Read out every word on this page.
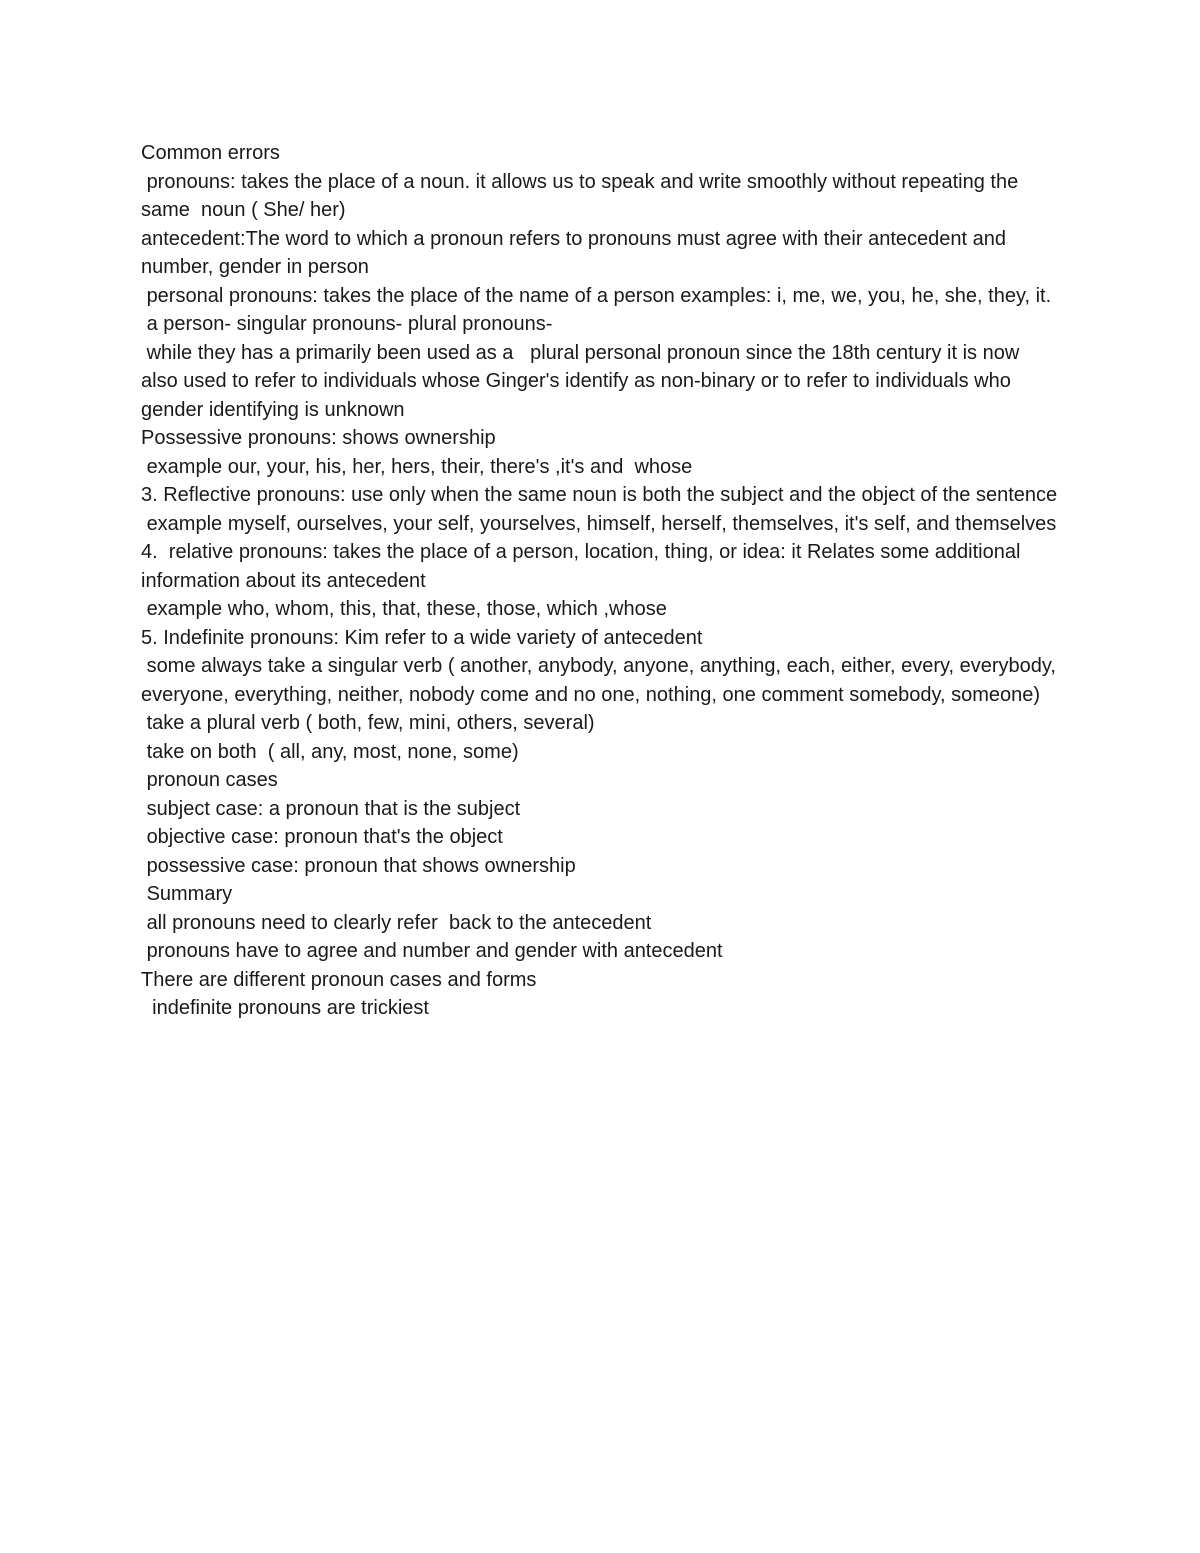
Common errors

pronouns: takes the place of a noun. it allows us to speak and write smoothly without repeating the same  noun ( She/ her)

antecedent:The word to which a pronoun refers to pronouns must agree with their antecedent and number, gender in person

personal pronouns: takes the place of the name of a person examples: i, me, we, you, he, she, they, it.

a person- singular pronouns- plural pronouns-

while they has a primarily been used as a   plural personal pronoun since the 18th century it is now also used to refer to individuals whose Ginger's identify as non-binary or to refer to individuals who gender identifying is unknown

Possessive pronouns: shows ownership

example our, your, his, her, hers, their, there's ,it's and  whose

3. Reflective pronouns: use only when the same noun is both the subject and the object of the sentence

example myself, ourselves, your self, yourselves, himself, herself, themselves, it's self, and themselves

4.  relative pronouns: takes the place of a person, location, thing, or idea: it Relates some additional information about its antecedent

example who, whom, this, that, these, those, which ,whose

5. Indefinite pronouns: Kim refer to a wide variety of antecedent

some always take a singular verb ( another, anybody, anyone, anything, each, either, every, everybody, everyone, everything, neither, nobody come and no one, nothing, one comment somebody, someone)

take a plural verb ( both, few, mini, others, several)

take on both  ( all, any, most, none, some)

pronoun cases

subject case: a pronoun that is the subject

objective case: pronoun that's the object

possessive case: pronoun that shows ownership

Summary

all pronouns need to clearly refer  back to the antecedent

pronouns have to agree and number and gender with antecedent

There are different pronoun cases and forms

indefinite pronouns are trickiest
